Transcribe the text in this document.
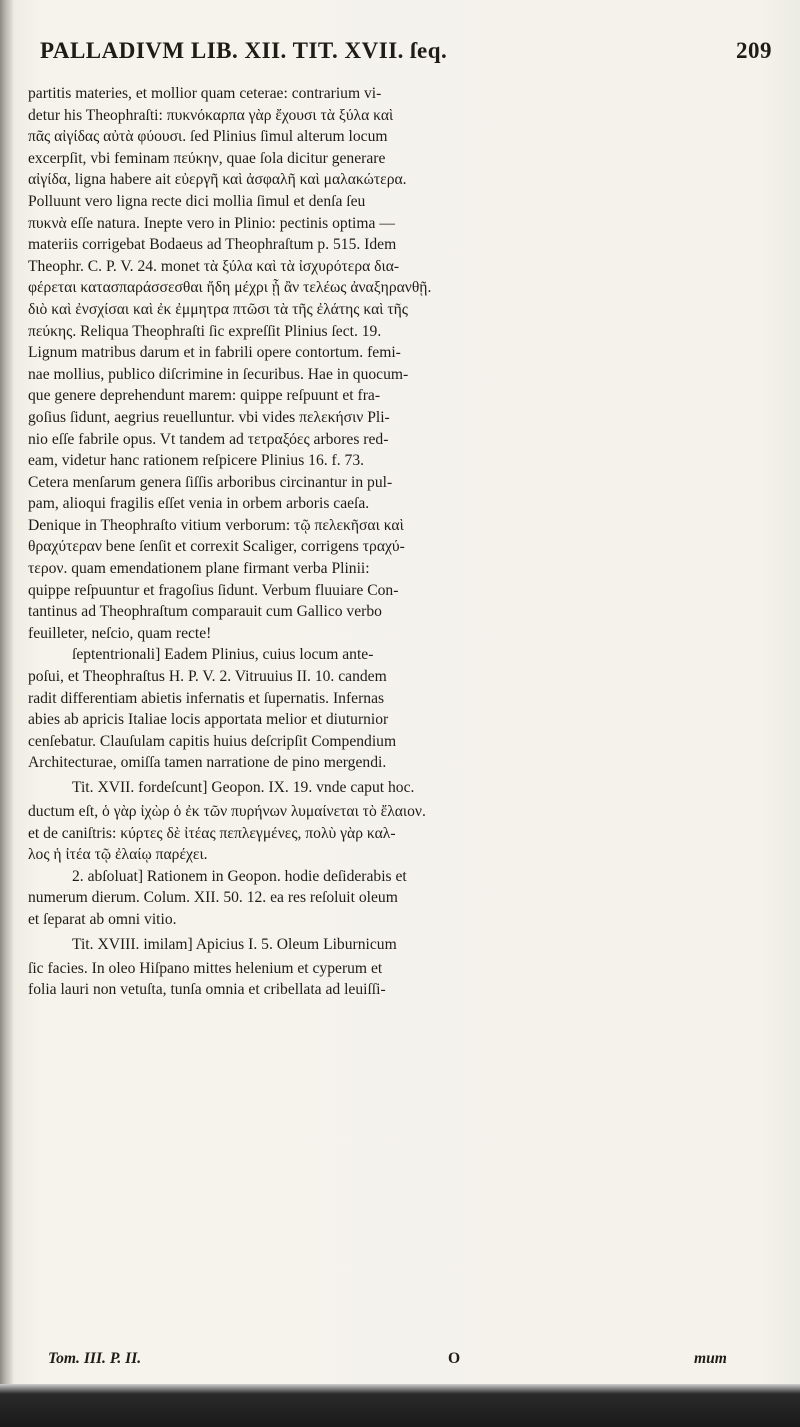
PALLADIVM LIB. XII. TIT. XVII. ſeq.	209
partitis materies, et mollior quam ceterae: contrarium vi-
detur his Theophraſti: πυκνόκαρπα γὰρ ἔχουσι τὰ ξύλα καὶ
πᾶς αἰγίδας αὐτὰ φύουσι. ſed Plinius ſimul alterum locum
excerpſit, vbi feminam πεύκην, quae ſola dicitur generare
αἰγίδα, ligna habere ait εὐεργῆ καὶ ἀσφαλῆ καὶ μαλακώτερα.
Polluunt vero ligna recte dici mollia ſimul et denſa ſeu
πυκνὰ eſſe natura. Inepte vero in Plinio: pectinis optima —
materiis corrigebat Bodaeus ad Theophraſtum p. 515. Idem
Theophr. C. P. V. 24. monet τὰ ξύλα καὶ τὰ ἰσχυρότερα δια-
φέρεται κατασπαράσσεσθαι ἤδη μέχρι ᾗ ἂν τελέως ἀναξηρανθῇ.
διὸ καὶ ἐνσχίσαι καὶ ἐκ ἐμμητρα πτῶσι τὰ τῆς ἐλάτης καὶ τῆς
πεύκης. Reliqua Theophraſti ſic expreſſit Plinius ſect. 19.
Lignum matribus darum et in fabrili opere contortum. femi-
nae mollius, publico diſcrimine in ſecuribus. Hae in quocum-
que genere deprehendunt marem: quippe reſpuunt et fra-
goſius ſidunt, aegrius reuelluntur. vbi vides πελεκήσιν Pli-
nio eſſe fabrile opus. Vt tandem ad τετραξόες arbores red-
eam, videtur hanc rationem reſpicere Plinius 16. f. 73.
Cetera menſarum genera ſiſſis arboribus circinantur in pul-
pam, alioqui fragilis eſſet venia in orbem arboris caeſa.
Denique in Theophraſto vitium verborum: τῷ πελεκῆσαι καὶ
θραχύτεραν bene ſenſit et correxit Scaliger, corrigens τραχύ-
τερον. quam emendationem plane firmant verba Plinii:
quippe reſpuuntur et fragoſius ſidunt. Verbum fluuiare Con-
tantinus ad Theophraſtum comparauit cum Gallico verbo
feuilleter, neſcio, quam recte!
ſeptentrionali] Eadem Plinius, cuius locum ante-
poſui, et Theophraſtus H. P. V. 2. Vitruuius II. 10. candem
radit differentiam abietis infernatis et ſupernatis. Infernas
abies ab apricis Italiae locis apportata melior et diuturnior
cenſebatur. Clauſulam capitis huius deſcripſit Compendium
Architecturae, omiſſa tamen narratione de pino mergendi.
Tit. XVII. fordeſcunt] Geopon. IX. 19. vnde caput hoc.
ductum eſt, ὁ γὰρ ἰχὼρ ὁ ἐκ τῶν πυρήνων λυμαίνεται τὸ ἔλαιον.
et de caniſtris: κύρτες δὲ ἰτέας πεπλεγμένες, πολὺ γὰρ καλ-
λος ἡ ἰτέα τῷ ἐλαίῳ παρέχει.
2. abſoluat] Rationem in Geopon. hodie deſiderabis et
numerum dierum. Colum. XII. 50. 12. ea res reſoluit oleum
et ſeparat ab omni vitio.
Tit. XVIII. imilam] Apicius I. 5. Oleum Liburnicum
ſic facies. In oleo Hiſpano mittes helenium et cyperum et
folia lauri non vetuſta, tunſa omnia et cribellata ad leuiſſi-
Tom. III. P. II.	O	mum
